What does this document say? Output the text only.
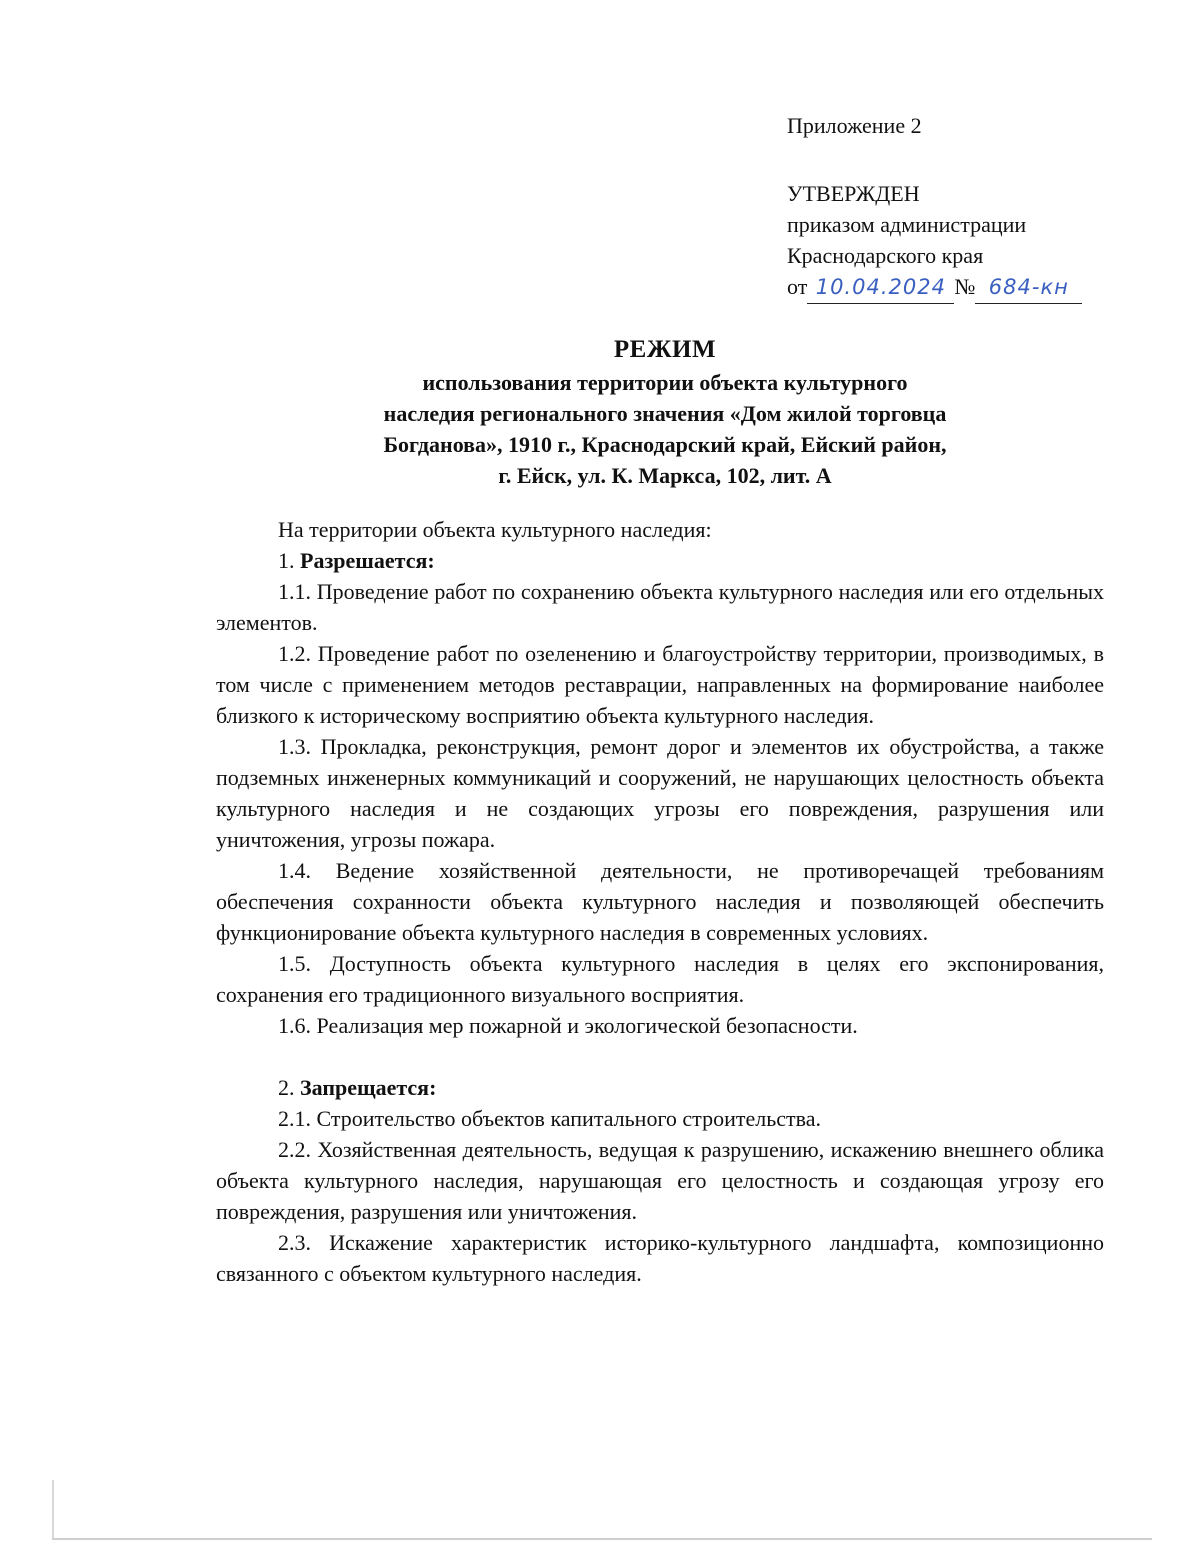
Приложение 2
УТВЕРЖДЕН
приказом администрации
Краснодарского края
от 10.04.2024 № 684-кн
РЕЖИМ
использования территории объекта культурного
наследия регионального значения «Дом жилой торговца
Богданова», 1910 г., Краснодарский край, Ейский район,
г. Ейск, ул. К. Маркса, 102, лит. А

На территории объекта культурного наследия:

1. Разрешается:

1.1. Проведение работ по сохранению объекта культурного наследия или его отдельных элементов.

1.2. Проведение работ по озеленению и благоустройству территории, производимых, в том числе с применением методов реставрации, направленных на формирование наиболее близкого к историческому восприятию объекта культурного наследия.

1.3. Прокладка, реконструкция, ремонт дорог и элементов их обустройства, а также подземных инженерных коммуникаций и сооружений, не нарушающих целостность объекта культурного наследия и не создающих угрозы его повреждения, разрушения или уничтожения, угрозы пожара.

1.4. Ведение хозяйственной деятельности, не противоречащей требованиям обеспечения сохранности объекта культурного наследия и позволяющей обеспечить функционирование объекта культурного наследия в современных условиях.

1.5. Доступность объекта культурного наследия в целях его экспонирования, сохранения его традиционного визуального восприятия.

1.6. Реализация мер пожарной и экологической безопасности.

2. Запрещается:

2.1. Строительство объектов капитального строительства.

2.2. Хозяйственная деятельность, ведущая к разрушению, искажению внешнего облика объекта культурного наследия, нарушающая его целостность и создающая угрозу его повреждения, разрушения или уничтожения.

2.3. Искажение характеристик историко-культурного ландшафта, композиционно связанного с объектом культурного наследия.
